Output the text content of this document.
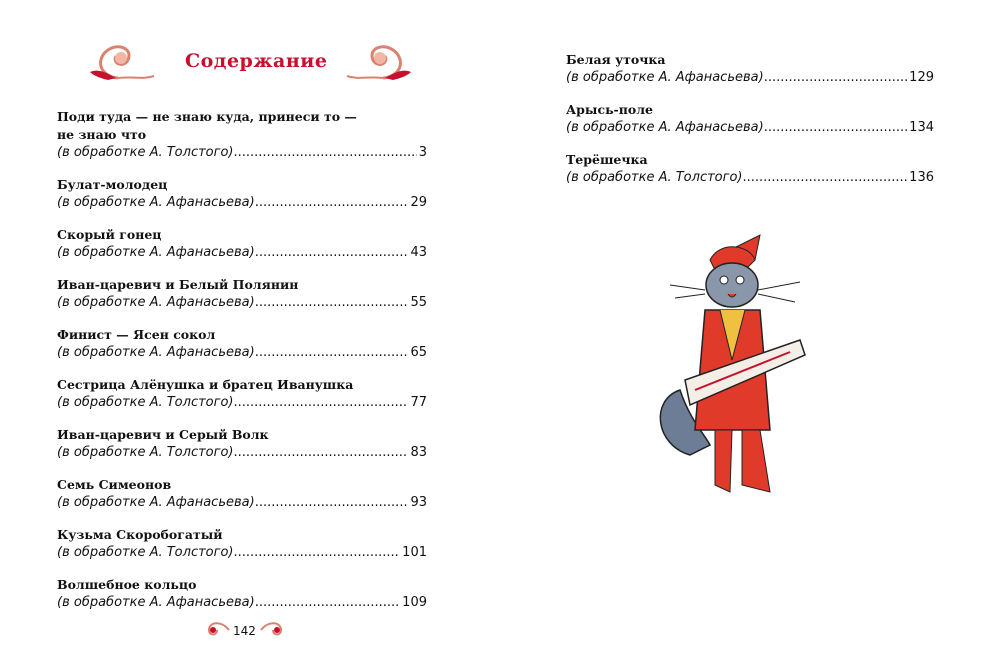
Содержание
Поди туда — не знаю куда, принеси то —
не знаю что
(в обработке А. Толстого) .....	3
Булат-молодец
(в обработке А. Афанасьева) .....	29
Скорый гонец
(в обработке А. Афанасьева) .....	43
Иван-царевич и Белый Полянин
(в обработке А. Афанасьева) .....	55
Финист — Ясен сокол
(в обработке А. Афанасьева) .....	65
Сестрица Алёнушка и братец Иванушка
(в обработке А. Толстого) .....	77
Иван-царевич и Серый Волк
(в обработке А. Толстого) .....	83
Семь Симеонов
(в обработке А. Афанасьева) .....	93
Кузьма Скоробогатый
(в обработке А. Толстого) .....	101
Волшебное кольцо
(в обработке А. Афанасьева) .....	109
Белая уточка
(в обработке А. Афанасьева) .....	129
Арысь-поле
(в обработке А. Афанасьева) .....	134
Терёшечка
(в обработке А. Толстого) .....	136
142
